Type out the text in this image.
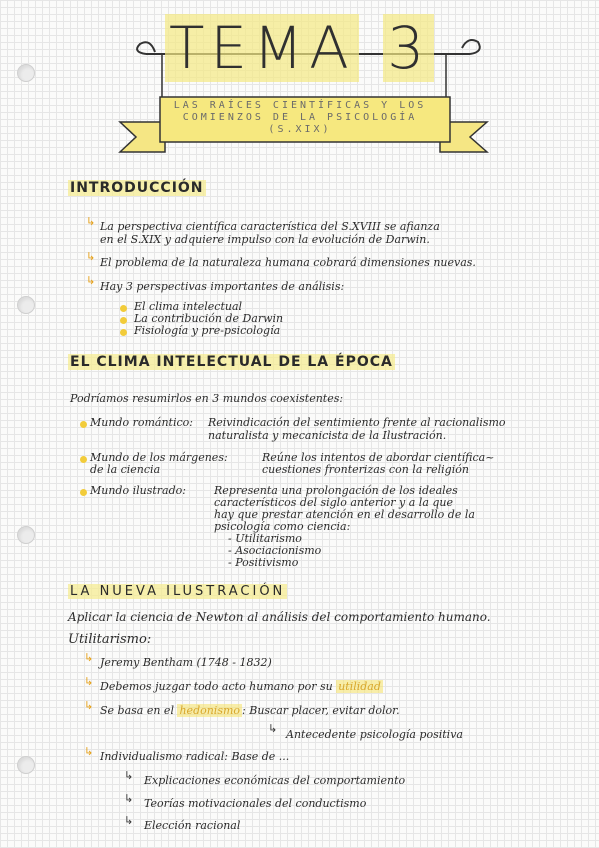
TEMA 3
LAS RAÍCES CIENTÍFICAS Y LOS COMIENZOS DE LA PSICOLOGÍA (S.XIX)
INTRODUCCIÓN
↳ La perspectiva científica característica del S.XVIII se afianza
en el S.XIX y adquiere impulso con la evolución de Darwin.
↳ El problema de la naturaleza humana cobrará dimensiones nuevas.
↳ Hay 3 perspectivas importantes de análisis:
El clima intelectual
La contribución de Darwin
Fisiología y pre-psicología
EL CLIMA INTELECTUAL DE LA ÉPOCA
Podríamos resumirlos en 3 mundos coexistentes:
Mundo romántico: Reivindicación del sentimiento frente al racionalismo
naturalista y mecanicista de la Ilustración.
Mundo de los márgenes:
de la ciencia
Reúne los intentos de abordar científica~
cuestiones fronterizas con la religión
Mundo ilustrado:	Representa una prolongación de los ideales
característicos del siglo anterior y a la que
hay que prestar atención en el desarrollo de la
psicología como ciencia:
- Utilitarismo
- Asociacionismo
- Positivismo
LA NUEVA ILUSTRACIÓN
Aplicar la ciencia de Newton al análisis del comportamiento humano.
Utilitarismo:
↳ Jeremy Bentham (1748 - 1832)
↳ Debemos juzgar todo acto humano por su utilidad
↳ Se basa en el hedonismo : Buscar placer, evitar dolor.
↳ Antecedente psicología positiva
↳ Individualismo radical: Base de ...
↳ Explicaciones económicas del comportamiento
↳ Teorías motivacionales del conductismo
↳ Elección racional
